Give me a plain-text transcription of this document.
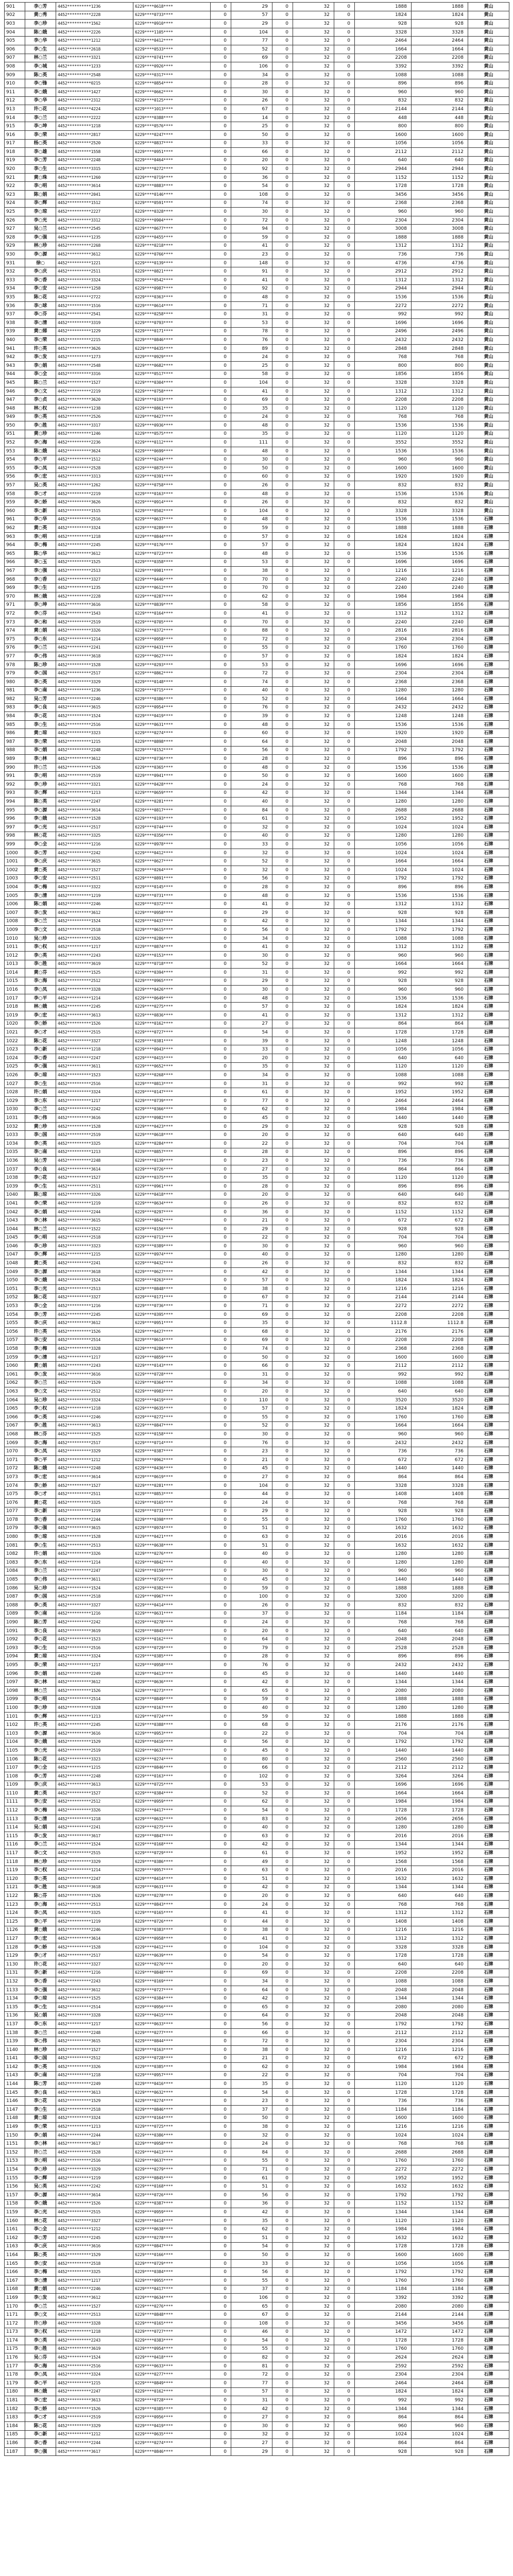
901	李○芳	4452**********1236	6229****0618****	0	29	0	32	0	1888	1888	黄山
902	黄○秀	4452**********2228	6229****0733****	0	57	0	32	0	1824	1824	黄山
903	李○珍	4452**********1562	6229****0910****	0	29	0	32	0	928	928	黄山
904	陈○娥	4452**********2226	6229****1105****	0	104	0	32	0	3328	3328	黄山
905	李○华	4452**********1212	6229****0412****	0	77	0	32	0	2464	2464	黄山
906	李○生	4452**********2618	6229****0533****	0	52	0	32	0	1664	1664	黄山
907	林○兰	4452**********3321	6229****0741****	0	69	0	32	0	2208	2208	黄山
908	李○城	4452**********1233	6229****0926****	0	106	0	32	0	3392	3392	黄山
909	陈○英	4452**********2548	6229****0317****	0	34	0	32	0	1088	1088	黄山
910	李○锋	4452**********0215	6229****0854****	0	28	0	32	0	896	896	黄山
911	李○娥	4452**********1427	6229****0662****	0	30	0	32	0	960	960	黄山
912	李○华	4452**********2312	6229****0125****	0	26	0	32	0	832	832	黄山
913	许○花	4452**********4224	6229****1013****	0	67	0	32	0	2144	2144	黄山
914	李○兰	4452**********2222	6229****0388****	0	14	0	32	0	448	448	黄山
915	李○坤	4452**********1218	6229****0576****	0	25	0	32	0	800	800	黄山
916	李○荣	4452**********2817	6229****0247****	0	50	0	32	0	1600	1600	黄山
917	杨○英	4452**********2520	6229****0837****	0	33	0	32	0	1056	1056	黄山
918	李○雄	4452**********1558	6229****0951****	0	66	0	32	0	2112	2112	黄山
919	李○芳	4452**********2248	6229****0464****	0	20	0	32	0	640	640	黄山
920	李○生	4452**********3315	6229****0272****	0	92	0	32	0	2944	2944	黄山
921	黄○珠	4452**********1260	6229****0719****	0	36	0	32	0	1152	1152	黄山
922	李○明	4452**********3614	6229****0883****	0	54	0	32	0	1728	1728	黄山
923	陈○娟	4452**********2041	6229****0146****	0	108	0	32	0	3456	3456	黄山
924	李○辉	4452**********1512	6229****0591****	0	74	0	32	0	2368	2368	黄山
925	李○琼	4452**********2227	6229****0328****	0	30	0	32	0	960	960	黄山
926	李○光	4452**********3312	6229****0904****	0	72	0	32	0	2304	2304	黄山
927	吴○兰	4452**********2545	6229****0677****	0	94	0	32	0	3008	3008	黄山
928	李○强	4452**********1235	6229****0455****	0	59	0	32	0	1888	1888	黄山
929	林○珍	4452**********2268	6229****0218****	0	41	0	32	0	1312	1312	黄山
930	李○源	4452**********3612	6229****0766****	0	23	0	32	0	736	736	黄山
931	徐○	4452**********1221	6229****0139****	0	148	0	32	0	4736	4736	黄山
932	李○庆	4452**********2511	6229****0821****	0	91	0	32	0	2912	2912	黄山
933	李○香	4452**********3324	6229****0542****	0	41	0	32	0	1312	1312	黄山
934	李○安	4452**********1258	6229****0987****	0	92	0	32	0	2944	2944	黄山
935	陈○花	4452**********2722	6229****0363****	0	48	0	32	0	1536	1536	黄山
936	李○球	4452**********1516	6229****0614****	0	71	0	32	0	2272	2272	黄山
937	李○芬	4452**********2541	6229****0258****	0	31	0	32	0	992	992	黄山
938	李○清	4452**********3319	6229****0793****	0	53	0	32	0	1696	1696	黄山
939	黄○娣	4452**********1229	6229****0171****	0	78	0	32	0	2496	2496	黄山
940	李○荣	4452**********2215	6229****0846****	0	76	0	32	0	2432	2432	黄山
941	许○英	4452**********3626	6229****0435****	0	89	0	32	0	2848	2848	黄山
942	李○发	4452**********1273	6229****0929****	0	24	0	32	0	768	768	黄山
943	李○娟	4452**********2548	6229****0682****	0	25	0	32	0	800	800	黄山
944	李○全	4452**********3316	6229****0517****	0	58	0	32	0	1856	1856	黄山
945	陈○兰	4452**********1527	6229****0304****	0	104	0	32	0	3328	3328	黄山
946	李○文	4452**********2219	6229****0758****	0	41	0	32	0	1312	1312	黄山
947	李○贞	4452**********3620	6229****0193****	0	69	0	32	0	2208	2208	黄山
948	林○权	4452**********1238	6229****0861****	0	35	0	32	0	1120	1120	黄山
949	李○英	4452**********2526	6229****0427****	0	24	0	32	0	768	768	黄山
950	李○胜	4452**********3317	6229****0936****	0	48	0	32	0	1536	1536	黄山
951	黄○珍	4452**********1246	6229****0575****	0	35	0	32	0	1120	1120	黄山
952	李○海	4452**********2236	6229****0112****	0	111	0	32	0	3552	3552	黄山
953	陈○娥	4452**********3624	6229****0699****	0	48	0	32	0	1536	1536	黄山
954	李○平	4452**********1512	6229****0244****	0	30	0	32	0	960	960	黄山
955	李○凤	4452**********2528	6229****0875****	0	50	0	32	0	1600	1600	黄山
956	李○宏	4452**********3313	6229****0391****	0	60	0	32	0	1920	1920	黄山
957	吴○英	4452**********1262	6229****0758****	0	26	0	32	0	832	832	黄山
958	李○才	4452**********2219	6229****0163****	0	48	0	32	0	1536	1536	黄山
959	李○娇	4452**********3626	6229****0914****	0	26	0	32	0	832	832	黄山
960	李○新	4452**********1515	6229****0502****	0	104	0	32	0	3328	3328	黄山
961	李○华	4452**********2516	6229****0637****	0	48	0	32	0	1536	1536	石牌
962	黄○英	4452**********3324	6229****0289****	0	59	0	32	0	1888	1888	石牌
963	李○明	4452**********1218	6229****0844****	0	57	0	32	0	1824	1824	石牌
964	李○梅	4452**********2245	6229****0176****	0	57	0	32	0	1824	1824	石牌
965	陈○华	4452**********3612	6229****0723****	0	48	0	32	0	1536	1536	石牌
966	李○玉	4452**********1525	6229****0358****	0	53	0	32	0	1696	1696	石牌
967	李○强	4452**********2513	6229****0981****	0	38	0	32	0	1216	1216	石牌
968	李○香	4452**********3327	6229****0446****	0	70	0	32	0	2240	2240	石牌
969	李○生	4452**********1235	6229****0612****	0	70	0	32	0	2240	2240	石牌
970	林○娥	4452**********2228	6229****0287****	0	62	0	32	0	1984	1984	石牌
971	李○坤	4452**********3616	6229****0839****	0	58	0	32	0	1856	1856	石牌
972	李○芬	4452**********1543	6229****0164****	0	41	0	32	0	1312	1312	石牌
973	李○和	4452**********2519	6229****0705****	0	70	0	32	0	2240	2240	石牌
974	黄○娟	4452**********3326	6229****0372****	0	88	0	32	0	2816	2816	石牌
975	李○东	4452**********1214	6229****0958****	0	72	0	32	0	2304	2304	石牌
976	李○兰	4452**********2241	6229****0431****	0	55	0	32	0	1760	1760	石牌
977	李○伟	4452**********3618	6229****0627****	0	57	0	32	0	1824	1824	石牌
978	陈○珍	4452**********1528	6229****0293****	0	53	0	32	0	1696	1696	石牌
979	李○国	4452**********2517	6229****0862****	0	72	0	32	0	2304	2304	石牌
980	李○英	4452**********3329	6229****0148****	0	74	0	32	0	2368	2368	石牌
981	李○南	4452**********1236	6229****0715****	0	40	0	32	0	1280	1280	石牌
982	吴○芳	4452**********2246	6229****0386****	0	52	0	32	0	1664	1664	石牌
983	李○良	4452**********3615	6229****0954****	0	76	0	32	0	2432	2432	石牌
984	李○花	4452**********1524	6229****0419****	0	39	0	32	0	1248	1248	石牌
985	李○生	4452**********2516	6229****0631****	0	48	0	32	0	1536	1536	石牌
986	黄○琼	4452**********3323	6229****0274****	0	60	0	32	0	1920	1920	石牌
987	李○荣	4452**********1215	6229****0898****	0	64	0	32	0	2048	2048	石牌
988	李○娟	4452**********2248	6229****0152****	0	56	0	32	0	1792	1792	石牌
989	李○林	4452**********3612	6229****0736****	0	28	0	32	0	896	896	石牌
990	许○兰	4452**********1526	6229****0365****	0	48	0	32	0	1536	1536	石牌
991	李○明	4452**********2519	6229****0941****	0	50	0	32	0	1600	1600	石牌
992	李○珍	4452**********3321	6229****0428****	0	24	0	32	0	768	768	石牌
993	李○辉	4452**********1213	6229****0659****	0	42	0	32	0	1344	1344	石牌
994	陈○英	4452**********2247	6229****0281****	0	40	0	32	0	1280	1280	石牌
995	李○源	4452**********3614	6229****0817****	0	84	0	32	0	2688	2688	石牌
996	李○娥	4452**********1528	6229****0193****	0	61	0	32	0	1952	1952	石牌
997	李○光	4452**********2517	6229****0744****	0	32	0	32	0	1024	1024	石牌
998	林○花	4452**********3325	6229****0356****	0	40	0	32	0	1280	1280	石牌
999	李○全	4452**********1216	6229****0978****	0	33	0	32	0	1056	1056	石牌
1000	李○芳	4452**********2242	6229****0412****	0	32	0	32	0	1024	1024	石牌
1001	李○庆	4452**********3615	6229****0627****	0	52	0	32	0	1664	1664	石牌
1002	黄○英	4452**********1527	6229****0264****	0	32	0	32	0	1024	1024	石牌
1003	李○安	4452**********2511	6229****0891****	0	56	0	32	0	1792	1792	石牌
1004	李○梅	4452**********3322	6229****0145****	0	28	0	32	0	896	896	石牌
1005	李○清	4452**********1219	6229****0731****	0	48	0	32	0	1536	1536	石牌
1006	陈○娟	4452**********2246	6229****0372****	0	41	0	32	0	1312	1312	石牌
1007	李○发	4452**********3612	6229****0958****	0	29	0	32	0	928	928	石牌
1008	李○兰	4452**********1524	6229****0437****	0	42	0	32	0	1344	1344	石牌
1009	李○文	4452**********2518	6229****0615****	0	56	0	32	0	1792	1792	石牌
1010	吴○珍	4452**********3326	6229****0286****	0	34	0	32	0	1088	1088	石牌
1011	李○权	4452**********1217	6229****0874****	0	41	0	32	0	1312	1312	石牌
1012	李○英	4452**********2243	6229****0153****	0	30	0	32	0	960	960	石牌
1013	李○胜	4452**********3619	6229****0718****	0	52	0	32	0	1664	1664	石牌
1014	黄○芬	4452**********1525	6229****0394****	0	31	0	32	0	992	992	石牌
1015	李○海	4452**********2512	6229****0965****	0	29	0	32	0	928	928	石牌
1016	李○凤	4452**********3328	6229****0426****	0	30	0	32	0	960	960	石牌
1017	李○平	4452**********1214	6229****0649****	0	48	0	32	0	1536	1536	石牌
1018	林○娥	4452**********2245	6229****0275****	0	57	0	32	0	1824	1824	石牌
1019	李○宏	4452**********3613	6229****0836****	0	41	0	32	0	1312	1312	石牌
1020	李○娇	4452**********1526	6229****0162****	0	27	0	32	0	864	864	石牌
1021	李○才	4452**********2515	6229****0727****	0	54	0	32	0	1728	1728	石牌
1022	陈○花	4452**********3327	6229****0381****	0	39	0	32	0	1248	1248	石牌
1023	李○新	4452**********1218	6229****0943****	0	33	0	32	0	1056	1056	石牌
1024	李○香	4452**********2247	6229****0415****	0	20	0	32	0	640	640	石牌
1025	李○强	4452**********3611	6229****0652****	0	35	0	32	0	1120	1120	石牌
1026	李○琼	4452**********1523	6229****0268****	0	34	0	32	0	1088	1088	石牌
1027	李○生	4452**********2516	6229****0813****	0	31	0	32	0	992	992	石牌
1028	许○娟	4452**********3324	6229****0147****	0	61	0	32	0	1952	1952	石牌
1029	李○东	4452**********1217	6229****0739****	0	77	0	32	0	2464	2464	石牌
1030	李○兰	4452**********2242	6229****0366****	0	62	0	32	0	1984	1984	石牌
1031	李○伟	4452**********3616	6229****0982****	0	45	0	32	0	1440	1440	石牌
1032	黄○珍	4452**********1528	6229****0423****	0	29	0	32	0	928	928	石牌
1033	李○国	4452**********2519	6229****0618****	0	20	0	32	0	640	640	石牌
1034	李○英	4452**********3325	6229****0284****	0	22	0	32	0	704	704	石牌
1035	李○南	4452**********1213	6229****0857****	0	28	0	32	0	896	896	石牌
1036	吴○芳	4452**********2248	6229****0139****	0	23	0	32	0	736	736	石牌
1037	李○良	4452**********3614	6229****0726****	0	27	0	32	0	864	864	石牌
1038	李○花	4452**********1527	6229****0375****	0	35	0	32	0	1120	1120	石牌
1039	李○生	4452**********2511	6229****0961****	0	28	0	32	0	896	896	石牌
1040	陈○琼	4452**********3326	6229****0418****	0	20	0	32	0	640	640	石牌
1041	李○荣	4452**********1219	6229****0634****	0	26	0	32	0	832	832	石牌
1042	李○娟	4452**********2244	6229****0297****	0	36	0	32	0	1152	1152	石牌
1043	李○林	4452**********3615	6229****0842****	0	21	0	32	0	672	672	石牌
1044	林○兰	4452**********1522	6229****0156****	0	29	0	32	0	928	928	石牌
1045	李○明	4452**********2518	6229****0713****	0	22	0	32	0	704	704	石牌
1046	李○珍	4452**********3323	6229****0389****	0	30	0	32	0	960	960	石牌
1047	李○辉	4452**********1215	6229****0974****	0	40	0	32	0	1280	1280	石牌
1048	黄○英	4452**********2241	6229****0432****	0	26	0	32	0	832	832	石牌
1049	李○源	4452**********3618	6229****0627****	0	42	0	32	0	1344	1344	石牌
1050	李○娥	4452**********1524	6229****0263****	0	57	0	32	0	1824	1824	石牌
1051	李○光	4452**********2513	6229****0848****	0	38	0	32	0	1216	1216	石牌
1052	陈○花	4452**********3327	6229****0171****	0	67	0	32	0	2144	2144	石牌
1053	李○全	4452**********1216	6229****0736****	0	71	0	32	0	2272	2272	石牌
1054	李○芳	4452**********2245	6229****0395****	0	69	0	32	0	2208	2208	石牌
1055	李○庆	4452**********3612	6229****0951****	0	35	0	32	0	1112.8	1112.8	石牌
1056	许○英	4452**********1526	6229****0427****	0	68	0	32	0	2176	2176	石牌
1057	李○安	4452**********2514	6229****0614****	0	69	0	32	0	2208	2208	石牌
1058	李○梅	4452**********3328	6229****0286****	0	74	0	32	0	2368	2368	石牌
1059	李○清	4452**********1217	6229****0859****	0	50	0	32	0	1600	1600	石牌
1060	黄○娟	4452**********2243	6229****0143****	0	66	0	32	0	2112	2112	石牌
1061	李○发	4452**********3616	6229****0728****	0	31	0	32	0	992	992	石牌
1062	李○兰	4452**********1529	6229****0364****	0	34	0	32	0	1088	1088	石牌
1063	李○文	4452**********2512	6229****0983****	0	20	0	32	0	640	640	石牌
1064	吴○珍	4452**********3324	6229****0419****	0	110	0	32	0	3520	3520	石牌
1065	李○权	4452**********1218	6229****0635****	0	57	0	32	0	1824	1824	石牌
1066	李○英	4452**********2246	6229****0272****	0	55	0	32	0	1760	1760	石牌
1067	李○胜	4452**********3613	6229****0847****	0	52	0	32	0	1664	1664	石牌
1068	林○芬	4452**********1525	6229****0158****	0	30	0	32	0	960	960	石牌
1069	李○海	4452**********2517	6229****0714****	0	76	0	32	0	2432	2432	石牌
1070	李○凤	4452**********3329	6229****0387****	0	23	0	32	0	736	736	石牌
1071	李○平	4452**********1212	6229****0962****	0	21	0	32	0	672	672	石牌
1072	陈○娥	4452**********2248	6229****0436****	0	45	0	32	0	1440	1440	石牌
1073	李○宏	4452**********3614	6229****0619****	0	27	0	32	0	864	864	石牌
1074	李○娇	4452**********1527	6229****0281****	0	104	0	32	0	3328	3328	石牌
1075	李○才	4452**********2511	6229****0853****	0	44	0	32	0	1408	1408	石牌
1076	黄○花	4452**********3325	6229****0165****	0	24	0	32	0	768	768	石牌
1077	李○新	4452**********1219	6229****0731****	0	29	0	32	0	928	928	石牌
1078	李○香	4452**********2244	6229****0398****	0	55	0	32	0	1760	1760	石牌
1079	李○强	4452**********3615	6229****0974****	0	51	0	32	0	1632	1632	石牌
1080	李○琼	4452**********1528	6229****0421****	0	63	0	32	0	2016	2016	石牌
1081	李○生	4452**********2513	6229****0638****	0	51	0	32	0	1632	1632	石牌
1082	许○娟	4452**********3326	6229****0276****	0	40	0	32	0	1280	1280	石牌
1083	李○东	4452**********1214	6229****0842****	0	40	0	32	0	1280	1280	石牌
1084	李○兰	4452**********2247	6229****0159****	0	30	0	32	0	960	960	石牌
1085	李○伟	4452**********3611	6229****0726****	0	45	0	32	0	1440	1440	石牌
1086	吴○珍	4452**********1524	6229****0382****	0	59	0	32	0	1888	1888	石牌
1087	李○国	4452**********2518	6229****0967****	0	100	0	32	0	3200	3200	石牌
1088	李○英	4452**********3327	6229****0414****	0	26	0	32	0	832	832	石牌
1089	李○南	4452**********1216	6229****0631****	0	37	0	32	0	1184	1184	石牌
1090	陈○芳	4452**********2242	6229****0278****	0	24	0	32	0	768	768	石牌
1091	李○良	4452**********3619	6229****0845****	0	20	0	32	0	640	640	石牌
1092	李○花	4452**********1523	6229****0162****	0	64	0	32	0	2048	2048	石牌
1093	李○生	4452**********2516	6229****0729****	0	79	0	32	0	2528	2528	石牌
1094	黄○琼	4452**********3324	6229****0385****	0	28	0	32	0	896	896	石牌
1095	李○荣	4452**********1217	6229****0958****	0	76	0	32	0	2432	2432	石牌
1096	李○娟	4452**********2249	6229****0413****	0	45	0	32	0	1440	1440	石牌
1097	李○林	4452**********3612	6229****0636****	0	42	0	32	0	1344	1344	石牌
1098	林○兰	4452**********1526	6229****0273****	0	65	0	32	0	2080	2080	石牌
1099	李○明	4452**********2514	6229****0849****	0	59	0	32	0	1888	1888	石牌
1100	李○珍	4452**********3328	6229****0167****	0	40	0	32	0	1280	1280	石牌
1101	李○辉	4452**********1213	6229****0724****	0	59	0	32	0	1888	1888	石牌
1102	许○英	4452**********2245	6229****0388****	0	68	0	32	0	2176	2176	石牌
1103	李○源	4452**********3616	6229****0953****	0	22	0	32	0	704	704	石牌
1104	李○娥	4452**********1529	6229****0416****	0	56	0	32	0	1792	1792	石牌
1105	李○光	4452**********2519	6229****0637****	0	45	0	32	0	1440	1440	石牌
1106	陈○花	4452**********3323	6229****0274****	0	80	0	32	0	2560	2560	石牌
1107	李○全	4452**********1215	6229****0846****	0	66	0	32	0	2112	2112	石牌
1108	李○芳	4452**********2248	6229****0163****	0	102	0	32	0	3264	3264	石牌
1109	李○庆	4452**********3613	6229****0725****	0	53	0	32	0	1696	1696	石牌
1110	黄○英	4452**********1527	6229****0384****	0	52	0	32	0	1664	1664	石牌
1111	李○安	4452**********2512	6229****0959****	0	62	0	32	0	1984	1984	石牌
1112	李○梅	4452**********3326	6229****0417****	0	54	0	32	0	1728	1728	石牌
1113	李○清	4452**********1218	6229****0632****	0	83	0	32	0	2656	2656	石牌
1114	吴○娟	4452**********2241	6229****0275****	0	40	0	32	0	1280	1280	石牌
1115	李○发	4452**********3617	6229****0847****	0	63	0	32	0	2016	2016	石牌
1116	李○兰	4452**********1524	6229****0168****	0	42	0	32	0	1344	1344	石牌
1117	李○文	4452**********2515	6229****0729****	0	61	0	32	0	1952	1952	石牌
1118	林○珍	4452**********3329	6229****0386****	0	49	0	32	0	1568	1568	石牌
1119	李○权	4452**********1214	6229****0957****	0	63	0	32	0	2016	2016	石牌
1120	李○英	4452**********2247	6229****0414****	0	51	0	32	0	1632	1632	石牌
1121	李○胜	4452**********3618	6229****0631****	0	42	0	32	0	1344	1344	石牌
1122	陈○芬	4452**********1526	6229****0278****	0	20	0	32	0	640	640	石牌
1123	李○海	4452**********2513	6229****0843****	0	24	0	32	0	768	768	石牌
1124	李○凤	4452**********3325	6229****0165****	0	41	0	32	0	1312	1312	石牌
1125	李○平	4452**********1219	6229****0726****	0	44	0	32	0	1408	1408	石牌
1126	黄○娥	4452**********2246	6229****0383****	0	38	0	32	0	1216	1216	石牌
1127	李○宏	4452**********3614	6229****0958****	0	41	0	32	0	1312	1312	石牌
1128	李○娇	4452**********1528	6229****0412****	0	104	0	32	0	3328	3328	石牌
1129	李○才	4452**********2517	6229****0639****	0	54	0	32	0	1728	1728	石牌
1130	许○花	4452**********3327	6229****0276****	0	20	0	32	0	640	640	石牌
1131	李○新	4452**********1216	6229****0848****	0	69	0	32	0	2208	2208	石牌
1132	李○香	4452**********2243	6229****0169****	0	34	0	32	0	1088	1088	石牌
1133	李○强	4452**********3612	6229****0727****	0	64	0	32	0	2048	2048	石牌
1134	李○琼	4452**********1525	6229****0384****	0	42	0	32	0	1344	1344	石牌
1135	李○生	4452**********2514	6229****0956****	0	65	0	32	0	2080	2080	石牌
1136	吴○娟	4452**********3328	6229****0415****	0	64	0	32	0	2048	2048	石牌
1137	李○东	4452**********1217	6229****0633****	0	56	0	32	0	1792	1792	石牌
1138	李○兰	4452**********2248	6229****0277****	0	66	0	32	0	2112	2112	石牌
1139	李○伟	4452**********3615	6229****0844****	0	72	0	32	0	2304	2304	石牌
1140	林○珍	4452**********1527	6229****0163****	0	38	0	32	0	1216	1216	石牌
1141	李○国	4452**********2512	6229****0728****	0	21	0	32	0	672	672	石牌
1142	李○英	4452**********3326	6229****0385****	0	62	0	32	0	1984	1984	石牌
1143	李○南	4452**********1218	6229****0957****	0	22	0	32	0	704	704	石牌
1144	陈○芳	4452**********2249	6229****0416****	0	35	0	32	0	1120	1120	石牌
1145	李○良	4452**********3613	6229****0632****	0	54	0	32	0	1728	1728	石牌
1146	李○花	4452**********1529	6229****0274****	0	23	0	32	0	736	736	石牌
1147	李○生	4452**********2518	6229****0846****	0	37	0	32	0	1184	1184	石牌
1148	黄○琼	4452**********3324	6229****0164****	0	50	0	32	0	1600	1600	石牌
1149	李○荣	4452**********1213	6229****0725****	0	38	0	32	0	1216	1216	石牌
1150	李○娟	4452**********2244	6229****0386****	0	32	0	32	0	1024	1024	石牌
1151	李○林	4452**********3617	6229****0958****	0	24	0	32	0	768	768	石牌
1152	许○兰	4452**********1528	6229****0413****	0	84	0	32	0	2688	2688	石牌
1153	李○明	4452**********2516	6229****0637****	0	55	0	32	0	1760	1760	石牌
1154	李○珍	4452**********3329	6229****0279****	0	71	0	32	0	2272	2272	石牌
1155	李○辉	4452**********1219	6229****0845****	0	61	0	32	0	1952	1952	石牌
1156	吴○英	4452**********2242	6229****0168****	0	51	0	32	0	1632	1632	石牌
1157	李○源	4452**********3614	6229****0726****	0	56	0	32	0	1792	1792	石牌
1158	李○娥	4452**********1526	6229****0387****	0	36	0	32	0	1152	1152	石牌
1159	李○光	4452**********2515	6229****0959****	0	42	0	32	0	1344	1344	石牌
1160	林○花	4452**********3327	6229****0414****	0	35	0	32	0	1120	1120	石牌
1161	李○全	4452**********1212	6229****0638****	0	62	0	32	0	1984	1984	石牌
1162	李○芳	4452**********2245	6229****0278****	0	51	0	32	0	1632	1632	石牌
1163	李○庆	4452**********3616	6229****0847****	0	54	0	32	0	1728	1728	石牌
1164	陈○英	4452**********1529	6229****0166****	0	50	0	32	0	1600	1600	石牌
1165	李○安	4452**********2518	6229****0729****	0	33	0	32	0	1056	1056	石牌
1166	李○梅	4452**********3325	6229****0384****	0	56	0	32	0	1792	1792	石牌
1167	李○清	4452**********1217	6229****0955****	0	55	0	32	0	1760	1760	石牌
1168	黄○娟	4452**********2246	6229****0417****	0	37	0	32	0	1184	1184	石牌
1169	李○发	4452**********3612	6229****0634****	0	106	0	32	0	3392	3392	石牌
1170	李○兰	4452**********1527	6229****0276****	0	65	0	32	0	2080	2080	石牌
1171	李○文	4452**********2513	6229****0848****	0	67	0	32	0	2144	2144	石牌
1172	许○珍	4452**********3328	6229****0165****	0	108	0	32	0	3456	3456	石牌
1173	李○权	4452**********1218	6229****0727****	0	46	0	32	0	1472	1472	石牌
1174	李○英	4452**********2243	6229****0383****	0	54	0	32	0	1728	1728	石牌
1175	李○胜	4452**********3619	6229****0954****	0	55	0	32	0	1760	1760	石牌
1176	吴○芬	4452**********1524	6229****0418****	0	82	0	32	0	2624	2624	石牌
1177	李○海	4452**********2516	6229****0633****	0	81	0	32	0	2592	2592	石牌
1178	李○凤	4452**********3324	6229****0277****	0	72	0	32	0	2304	2304	石牌
1179	李○平	4452**********1215	6229****0849****	0	77	0	32	0	2464	2464	石牌
1180	林○娥	4452**********2247	6229****0162****	0	57	0	32	0	1824	1824	石牌
1181	李○宏	4452**********3613	6229****0728****	0	31	0	32	0	992	992	石牌
1182	李○娇	4452**********1526	6229****0385****	0	42	0	32	0	1344	1344	石牌
1183	李○才	4452**********2519	6229****0956****	0	27	0	32	0	864	864	石牌
1184	陈○花	4452**********3329	6229****0419****	0	30	0	32	0	960	960	石牌
1185	李○新	4452**********1212	6229****0635****	0	32	0	32	0	1024	1024	石牌
1186	李○香	4452**********2244	6229****0274****	0	27	0	32	0	864	864	石牌
1187	李○强	4452**********3617	6229****0846****	0	29	0	32	0	928	928	石牌
